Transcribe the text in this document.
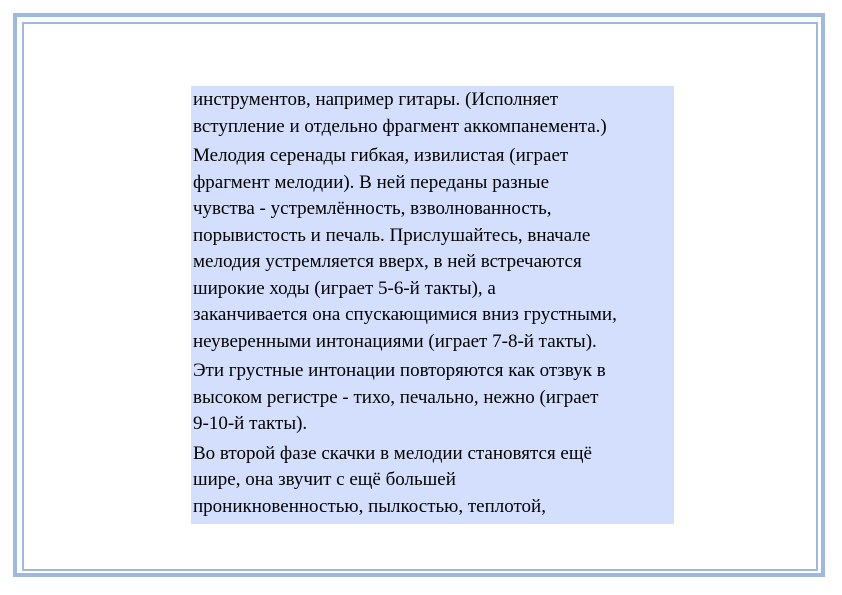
инструментов, например гитары. (Исполняет
вступление и отдельно фрагмент аккомпанемента.)

Мелодия серенады гибкая, извилистая (играет
фрагмент мелодии). В ней переданы разные
чувства - устремлённость, взволнованность,
порывистость и печаль. Прислушайтесь, вначале
мелодия устремляется вверх, в ней встречаются
широкие ходы (играет 5-6-й такты), а
заканчивается она спускающимися вниз грустными,
неуверенными интонациями (играет 7-8-й такты).

Эти грустные интонации повторяются как отзвук в
высоком регистре - тихо, печально, нежно (играет
9-10-й такты).

Во второй фазе скачки в мелодии становятся ещё
шире, она звучит с ещё большей
проникновенностью, пылкостью, теплотой,
